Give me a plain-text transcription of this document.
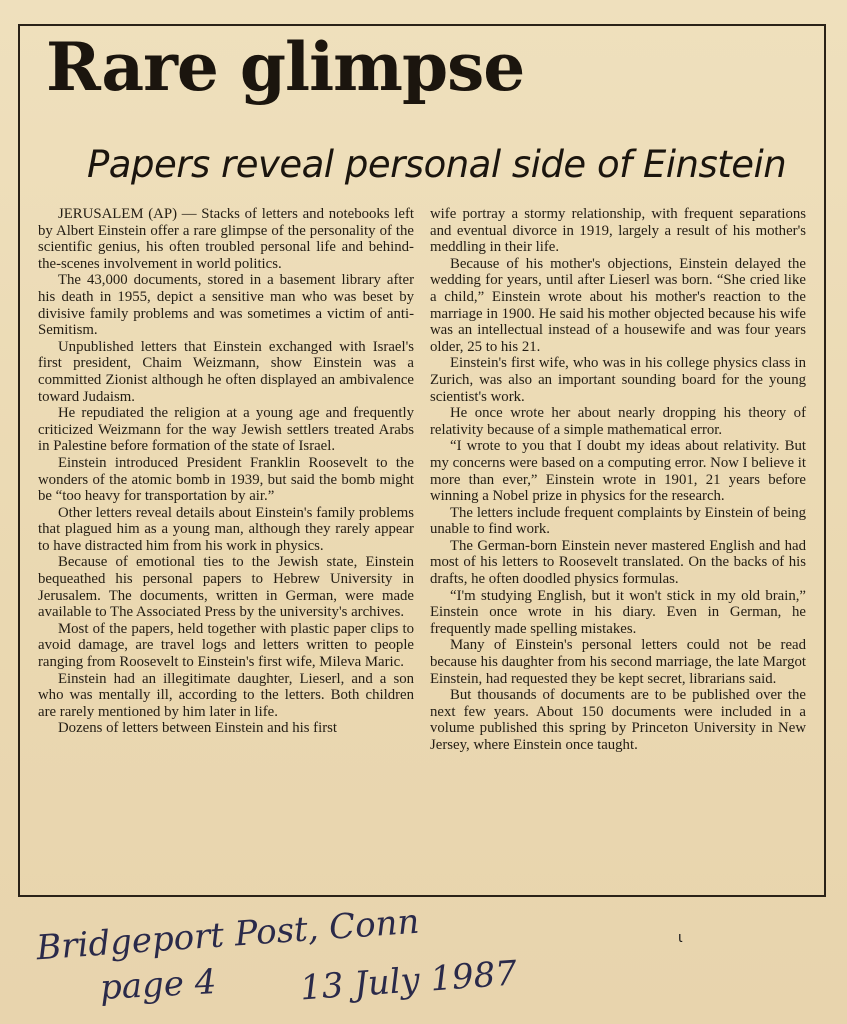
Rare glimpse
Papers reveal personal side of Einstein

JERUSALEM (AP) — Stacks of letters and notebooks left by Albert Einstein offer a rare glimpse of the personality of the scientific genius, his often troubled personal life and behind-the-scenes involvement in world politics.

The 43,000 documents, stored in a basement library after his death in 1955, depict a sensitive man who was beset by divisive family problems and was sometimes a victim of anti-Semitism.

Unpublished letters that Einstein exchanged with Israel's first president, Chaim Weizmann, show Einstein was a committed Zionist although he often displayed an ambivalence toward Judaism.

He repudiated the religion at a young age and frequently criticized Weizmann for the way Jewish settlers treated Arabs in Palestine before formation of the state of Israel.

Einstein introduced President Franklin Roosevelt to the wonders of the atomic bomb in 1939, but said the bomb might be “too heavy for transportation by air.”

Other letters reveal details about Einstein's family problems that plagued him as a young man, although they rarely appear to have distracted him from his work in physics.

Because of emotional ties to the Jewish state, Einstein bequeathed his personal papers to Hebrew University in Jerusalem. The documents, written in German, were made available to The Associated Press by the university's archives.

Most of the papers, held together with plastic paper clips to avoid damage, are travel logs and letters written to people ranging from Roosevelt to Einstein's first wife, Mileva Maric.

Einstein had an illegitimate daughter, Lieserl, and a son who was mentally ill, according to the letters. Both children are rarely mentioned by him later in life.

Dozens of letters between Einstein and his first

wife portray a stormy relationship, with frequent separations and eventual divorce in 1919, largely a result of his mother's meddling in their life.

Because of his mother's objections, Einstein delayed the wedding for years, until after Lieserl was born. “She cried like a child,” Einstein wrote about his mother's reaction to the marriage in 1900. He said his mother objected because his wife was an intellectual instead of a housewife and was four years older, 25 to his 21.

Einstein's first wife, who was in his college physics class in Zurich, was also an important sounding board for the young scientist's work.

He once wrote her about nearly dropping his theory of relativity because of a simple mathematical error.

“I wrote to you that I doubt my ideas about relativity. But my concerns were based on a computing error. Now I believe it more than ever,” Einstein wrote in 1901, 21 years before winning a Nobel prize in physics for the research.

The letters include frequent complaints by Einstein of being unable to find work.

The German-born Einstein never mastered English and had most of his letters to Roosevelt translated. On the backs of his drafts, he often doodled physics formulas.

“I'm studying English, but it won't stick in my old brain,” Einstein once wrote in his diary. Even in German, he frequently made spelling mistakes.

Many of Einstein's personal letters could not be read because his daughter from his second marriage, the late Margot Einstein, had requested they be kept secret, librarians said.

But thousands of documents are to be published over the next few years. About 150 documents were included in a volume published this spring by Princeton University in New Jersey, where Einstein once taught.

Bridgeport Post, Conn
page 4 13 July 1987
ɩ
